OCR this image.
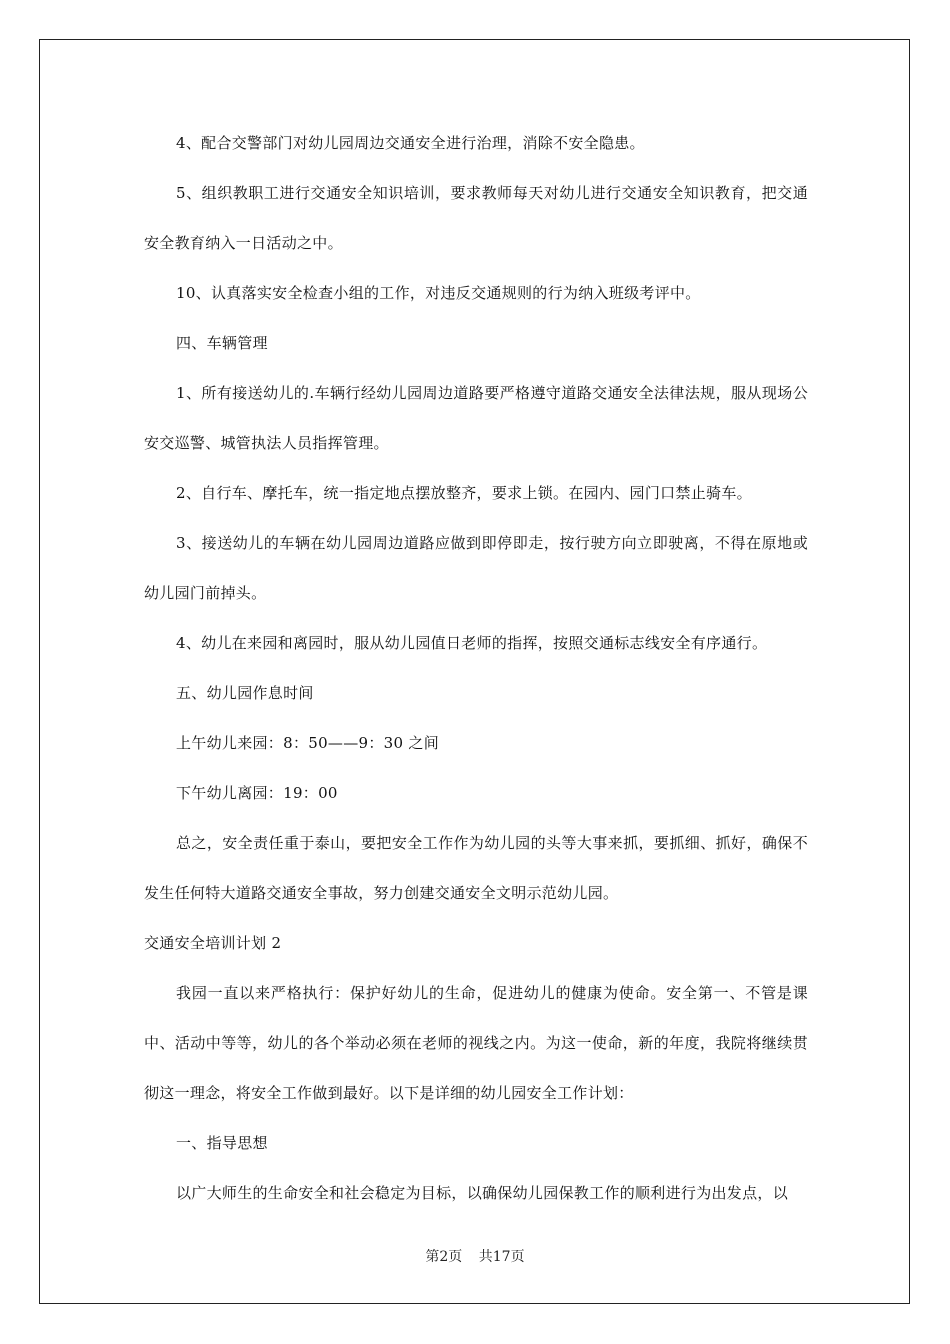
4、配合交警部门对幼儿园周边交通安全进行治理，消除不安全隐患。

5、组织教职工进行交通安全知识培训，要求教师每天对幼儿进行交通安全知识教育，把交通安全教育纳入一日活动之中。

10、认真落实安全检查小组的工作，对违反交通规则的行为纳入班级考评中。

四、车辆管理

1、所有接送幼儿的.车辆行经幼儿园周边道路要严格遵守道路交通安全法律法规，服从现场公安交巡警、城管执法人员指挥管理。

2、自行车、摩托车，统一指定地点摆放整齐，要求上锁。在园内、园门口禁止骑车。

3、接送幼儿的车辆在幼儿园周边道路应做到即停即走，按行驶方向立即驶离，不得在原地或幼儿园门前掉头。

4、幼儿在来园和离园时，服从幼儿园值日老师的指挥，按照交通标志线安全有序通行。

五、幼儿园作息时间

上午幼儿来园：8：50——9：30 之间

下午幼儿离园：19：00

总之，安全责任重于泰山，要把安全工作作为幼儿园的头等大事来抓，要抓细、抓好，确保不发生任何特大道路交通安全事故，努力创建交通安全文明示范幼儿园。

交通安全培训计划 2

我园一直以来严格执行：保护好幼儿的生命，促进幼儿的健康为使命。安全第一、不管是课中、活动中等等，幼儿的各个举动必须在老师的视线之内。为这一使命，新的年度，我院将继续贯彻这一理念，将安全工作做到最好。以下是详细的幼儿园安全工作计划：

一、指导思想

以广大师生的生命安全和社会稳定为目标，以确保幼儿园保教工作的顺利进行为出发点，以

第2页 共17页
